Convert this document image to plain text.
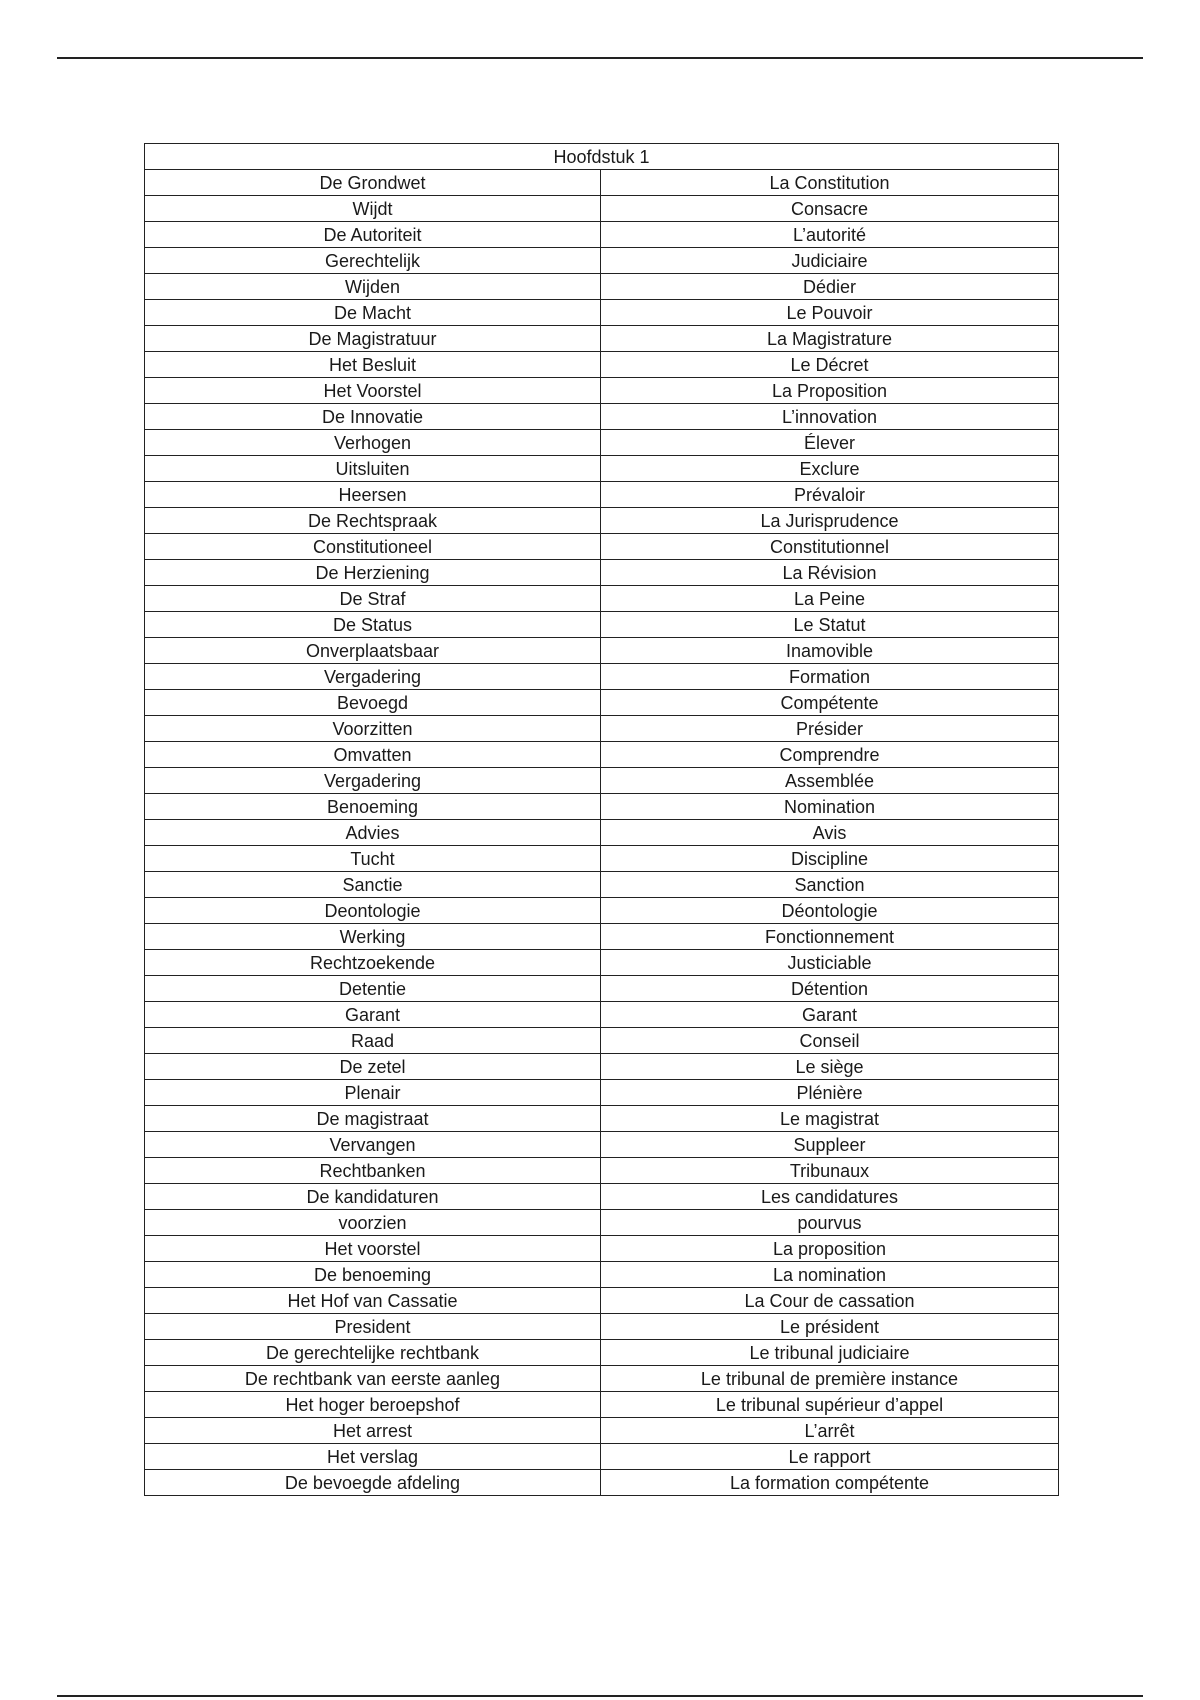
Hoofdstuk 1	
De Grondwet	La Constitution
Wijdt	Consacre
De Autoriteit	L’autorité
Gerechtelijk	Judiciaire
Wijden	Dédier
De Macht	Le Pouvoir
De Magistratuur	La Magistrature
Het Besluit	Le Décret
Het Voorstel	La Proposition
De Innovatie	L’innovation
Verhogen	Élever
Uitsluiten	Exclure
Heersen	Prévaloir
De Rechtspraak	La Jurisprudence
Constitutioneel	Constitutionnel
De Herziening	La Révision
De Straf	La Peine
De Status	Le Statut
Onverplaatsbaar	Inamovible
Vergadering	Formation
Bevoegd	Compétente
Voorzitten	Présider
Omvatten	Comprendre
Vergadering	Assemblée
Benoeming	Nomination
Advies	Avis
Tucht	Discipline
Sanctie	Sanction
Deontologie	Déontologie
Werking	Fonctionnement
Rechtzoekende	Justiciable
Detentie	Détention
Garant	Garant
Raad	Conseil
De zetel	Le siège
Plenair	Plénière
De magistraat	Le magistrat
Vervangen	Suppleer
Rechtbanken	Tribunaux
De kandidaturen	Les candidatures
voorzien	pourvus
Het voorstel	La proposition
De benoeming	La nomination
Het Hof van Cassatie	La Cour de cassation
President	Le président
De gerechtelijke rechtbank	Le tribunal judiciaire
De rechtbank van eerste aanleg	Le tribunal de première instance
Het hoger beroepshof	Le tribunal supérieur d’appel
Het arrest	L’arrêt
Het verslag	Le rapport
De bevoegde afdeling	La formation compétente
